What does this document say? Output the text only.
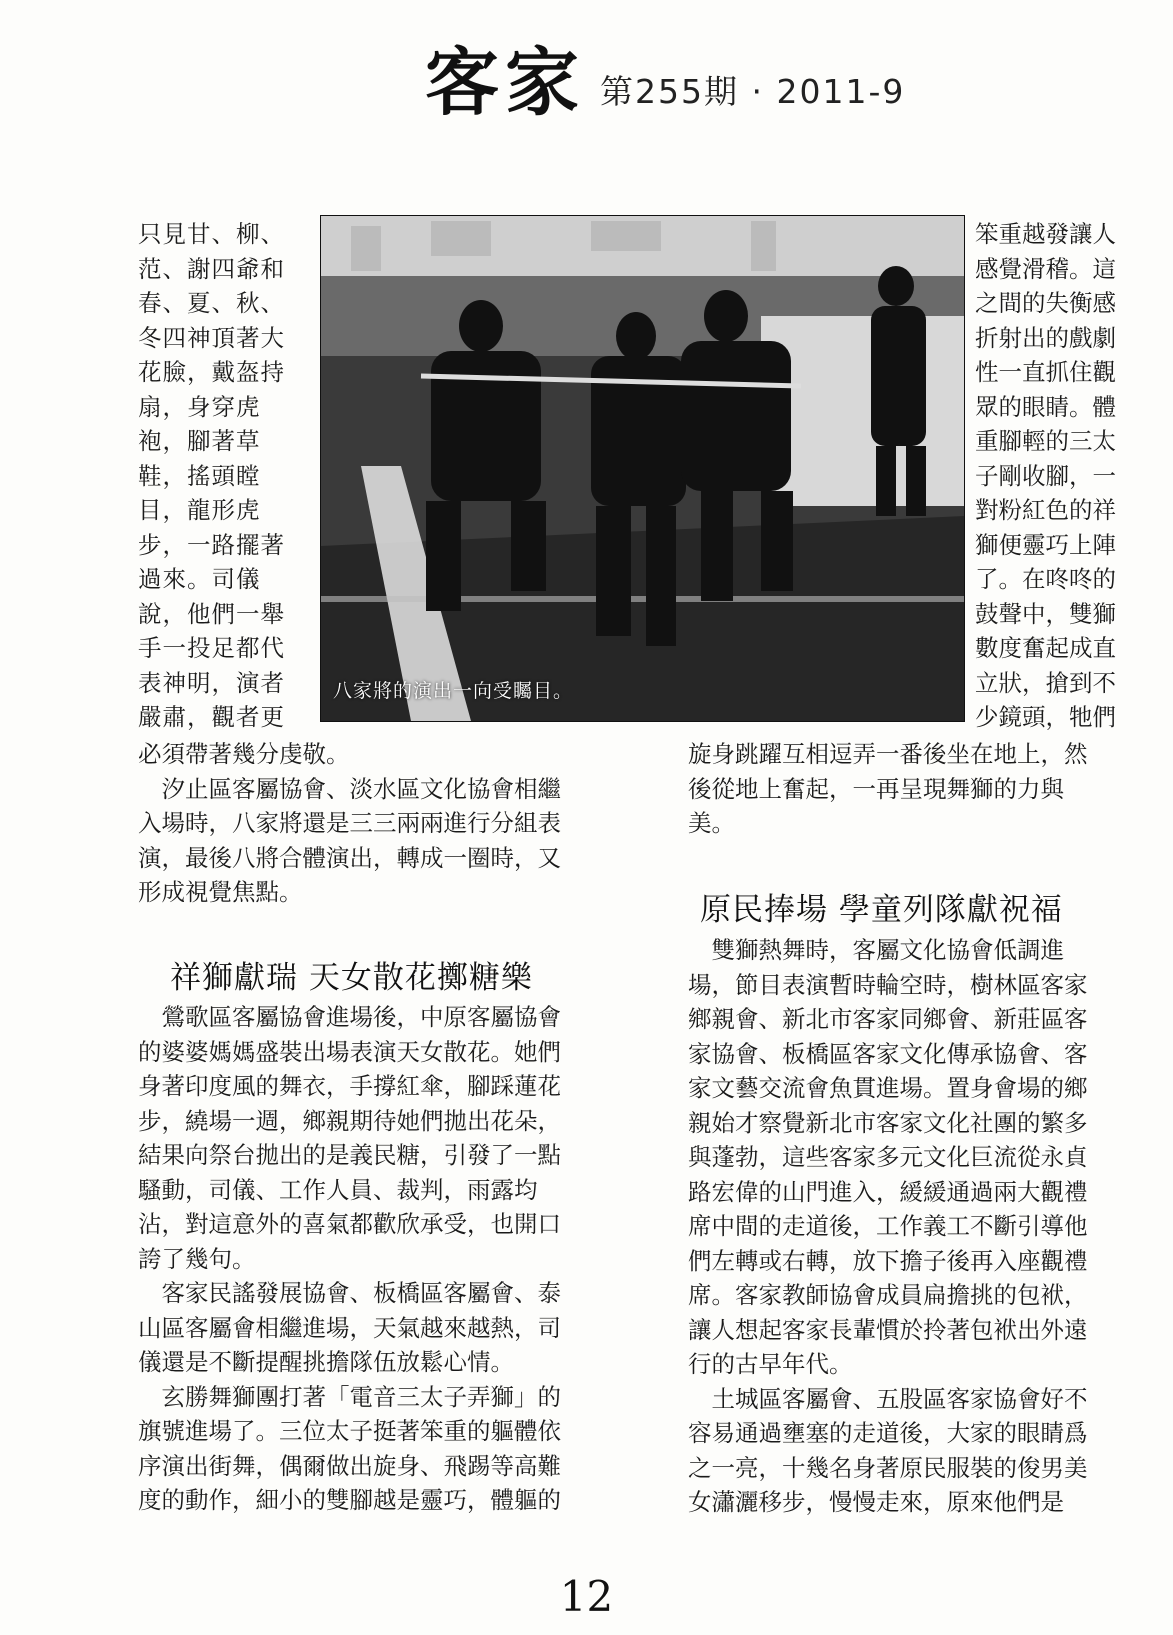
客家 第255期 · 2011-9
八家將的演出一向受矚目。
只見甘、柳、
范、謝四爺和
春、夏、秋、
冬四神頂著大
花臉，戴盔持
扇，身穿虎
袍，腳著草
鞋，搖頭瞠
目，龍形虎
步，一路擺著
過來。司儀
說，他們一舉
手一投足都代
表神明，演者
嚴肅，觀者更
必須帶著幾分虔敬。
　汐止區客屬協會、淡水區文化協會相繼
入場時，八家將還是三三兩兩進行分組表
演，最後八將合體演出，轉成一圈時，又
形成視覺焦點。
祥獅獻瑞 天女散花擲糖樂
　鶯歌區客屬協會進場後，中原客屬協會
的婆婆媽媽盛裝出場表演天女散花。她們
身著印度風的舞衣，手撐紅傘，腳踩蓮花
步，繞場一週，鄉親期待她們拋出花朵，
結果向祭台拋出的是義民糖，引發了一點
騷動，司儀、工作人員、裁判，雨露均
沾，對這意外的喜氣都歡欣承受，也開口
誇了幾句。
　客家民謠發展協會、板橋區客屬會、泰
山區客屬會相繼進場，天氣越來越熱，司
儀還是不斷提醒挑擔隊伍放鬆心情。
　玄勝舞獅團打著「電音三太子弄獅」的
旗號進場了。三位太子挺著笨重的軀體依
序演出街舞，偶爾做出旋身、飛踢等高難
度的動作，細小的雙腳越是靈巧，體軀的
笨重越發讓人
感覺滑稽。這
之間的失衡感
折射出的戲劇
性一直抓住觀
眾的眼睛。體
重腳輕的三太
子剛收腳，一
對粉紅色的祥
獅便靈巧上陣
了。在咚咚的
鼓聲中，雙獅
數度奮起成直
立狀，搶到不
少鏡頭，牠們
旋身跳躍互相逗弄一番後坐在地上，然
後從地上奮起，一再呈現舞獅的力與
美。
原民捧場 學童列隊獻祝福
　雙獅熱舞時，客屬文化協會低調進
場，節目表演暫時輪空時，樹林區客家
鄉親會、新北市客家同鄉會、新莊區客
家協會、板橋區客家文化傳承協會、客
家文藝交流會魚貫進場。置身會場的鄉
親始才察覺新北市客家文化社團的繁多
與蓬勃，這些客家多元文化巨流從永貞
路宏偉的山門進入，緩緩通過兩大觀禮
席中間的走道後，工作義工不斷引導他
們左轉或右轉，放下擔子後再入座觀禮
席。客家教師協會成員扁擔挑的包袱，
讓人想起客家長輩慣於拎著包袱出外遠
行的古早年代。
　土城區客屬會、五股區客家協會好不
容易通過壅塞的走道後，大家的眼睛爲
之一亮，十幾名身著原民服裝的俊男美
女瀟灑移步，慢慢走來，原來他們是
12
